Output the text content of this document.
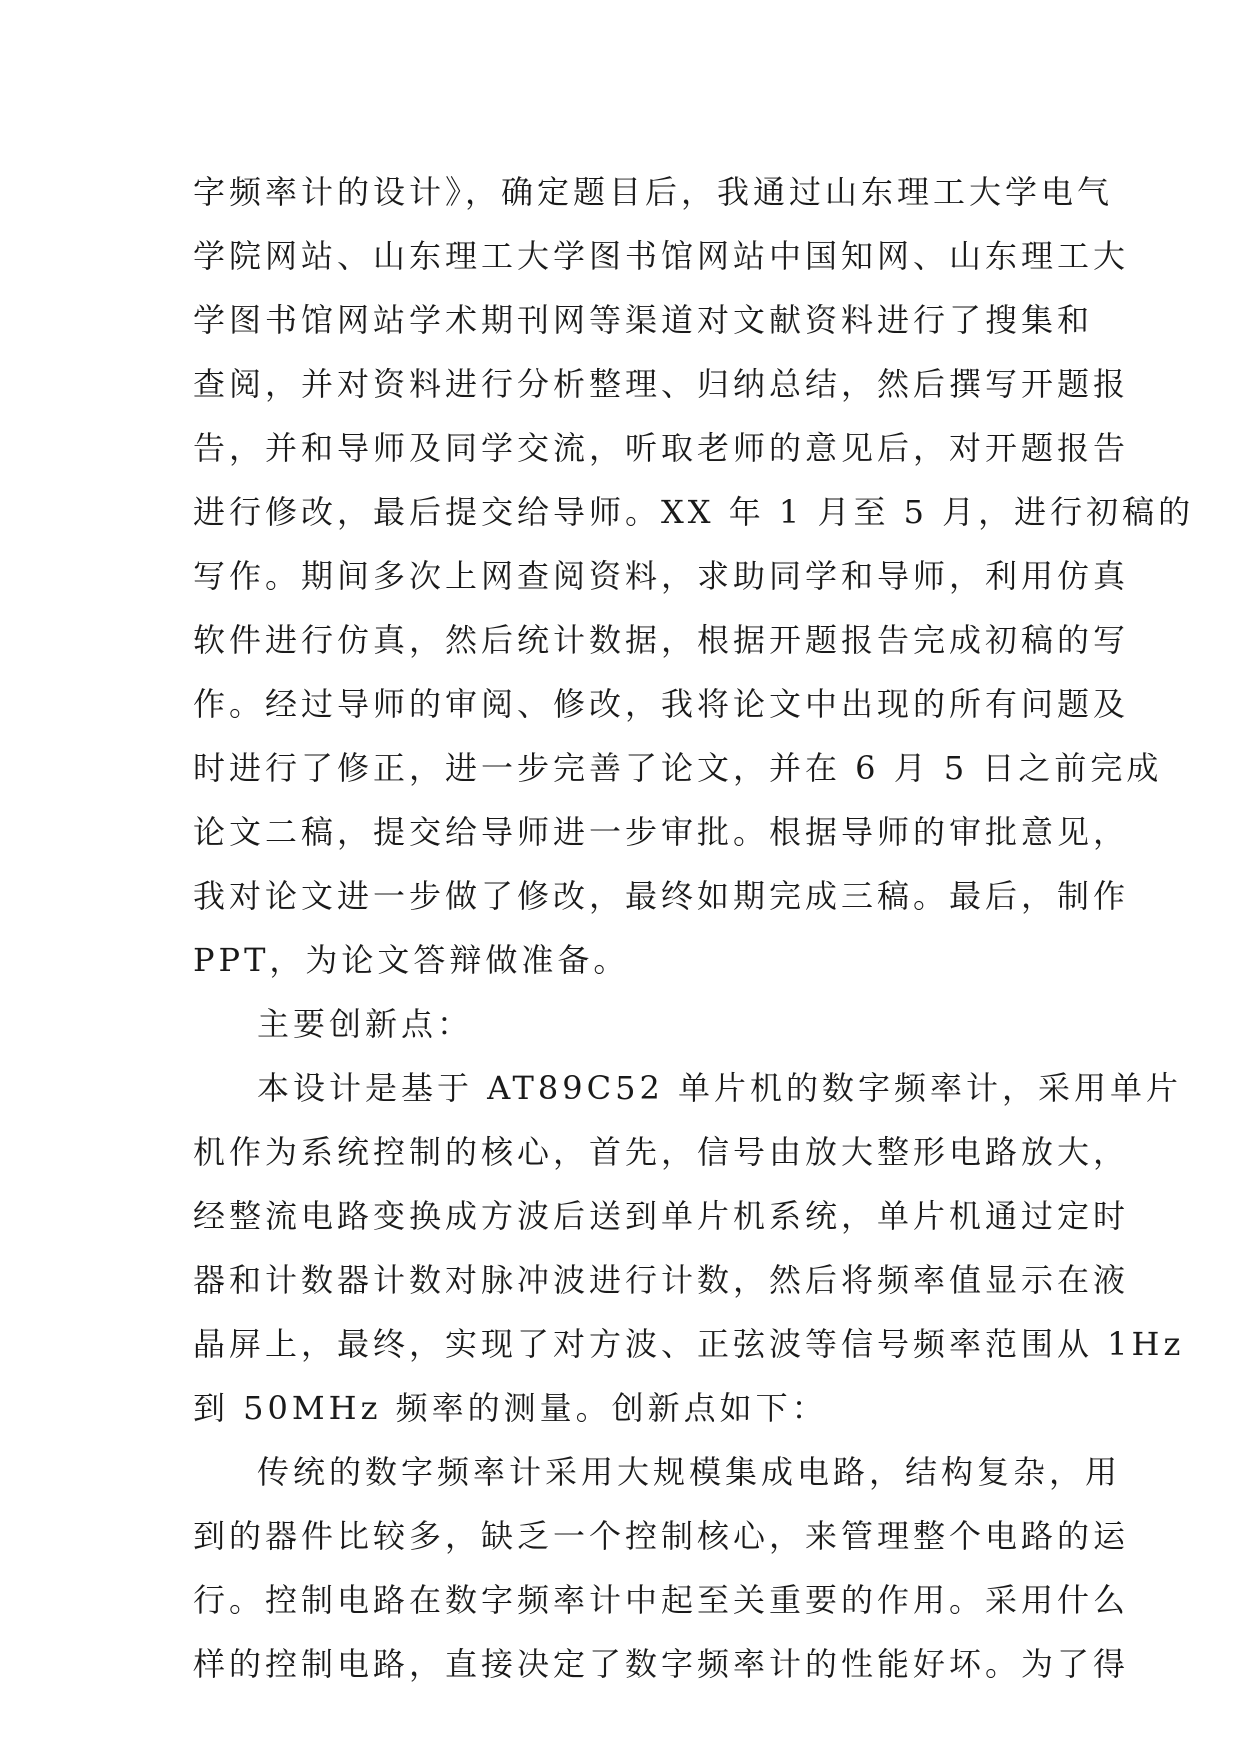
字频率计的设计》，确定题目后，我通过山东理工大学电气
学院网站、山东理工大学图书馆网站中国知网、山东理工大
学图书馆网站学术期刊网等渠道对文献资料进行了搜集和
查阅，并对资料进行分析整理、归纳总结，然后撰写开题报
告，并和导师及同学交流，听取老师的意见后，对开题报告
进行修改，最后提交给导师。XX 年 1 月至 5 月，进行初稿的
写作。期间多次上网查阅资料，求助同学和导师，利用仿真
软件进行仿真，然后统计数据，根据开题报告完成初稿的写
作。经过导师的审阅、修改，我将论文中出现的所有问题及
时进行了修正，进一步完善了论文，并在 6 月 5 日之前完成
论文二稿，提交给导师进一步审批。根据导师的审批意见，
我对论文进一步做了修改，最终如期完成三稿。最后，制作
PPT，为论文答辩做准备。
主要创新点：
本设计是基于 AT89C52 单片机的数字频率计，采用单片
机作为系统控制的核心，首先，信号由放大整形电路放大，
经整流电路变换成方波后送到单片机系统，单片机通过定时
器和计数器计数对脉冲波进行计数，然后将频率值显示在液
晶屏上，最终，实现了对方波、正弦波等信号频率范围从 1Hz
到 50MHz 频率的测量。创新点如下：
传统的数字频率计采用大规模集成电路，结构复杂，用
到的器件比较多，缺乏一个控制核心，来管理整个电路的运
行。控制电路在数字频率计中起至关重要的作用。采用什么
样的控制电路，直接决定了数字频率计的性能好坏。为了得
